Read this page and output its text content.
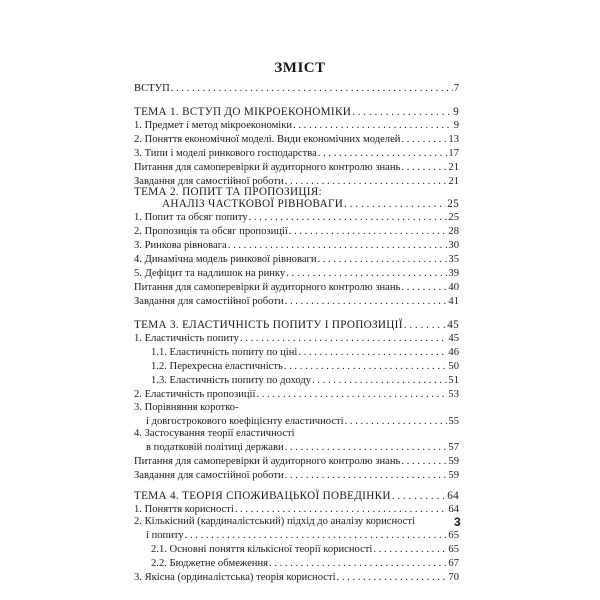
ЗМІСТ
ВСТУП . . .	7
ТЕМА 1. ВСТУП ДО МІКРОЕКОНОМІКИ . . .	9
1. Предмет і метод мікроекономіки . . .	9
2. Поняття економічної моделі. Види економічних моделей . . .	13
3. Типи і моделі ринкового господарства . . .	17
Питання для самоперевірки й аудиторного контролю знань . . .	21
Завдання для самостійної роботи . . .	21
ТЕМА 2. ПОПИТ ТА ПРОПОЗИЦІЯ:
АНАЛІЗ ЧАСТКОВОЇ РІВНОВАГИ . . .	25
1. Попит та обсяг попиту . . .	25
2. Пропозиція та обсяг пропозиції . . .	28
3. Ринкова рівновага . . .	30
4. Динамічна модель ринкової рівноваги . . .	35
5. Дефіцит та надлишок на ринку . . .	39
Питання для самоперевірки й аудиторного контролю знань . . .	40
Завдання для самостійної роботи . . .	41
ТЕМА 3. ЕЛАСТИЧНІСТЬ ПОПИТУ І ПРОПОЗИЦІЇ . . .	45
1. Еластичність попиту . . .	45
1.1. Еластичність попиту по ціні . . .	46
1.2. Перехресна еластичність . . .	50
1.3. Еластичність попиту по доходу . . .	51
2. Еластичність пропозиції . . .	53
3. Порівняння коротко-
і довгострокового коефіцієнту еластичності . . .	55
4. Застосування теорії еластичності
в податковій політиці держави . . .	57
Питання для самоперевірки й аудиторного контролю знань . . .	59
Завдання для самостійної роботи . . .	59
ТЕМА 4. ТЕОРІЯ СПОЖИВАЦЬКОЇ ПОВЕДІНКИ . . .	64
1. Поняття корисності . . .	64
2. Кількісний (кардиналістський) підхід до аналізу корисності
і попиту . . .	65
2.1. Основні поняття кількісної теорії корисності . . .	65
2.2. Бюджетне обмеження . . .	67
3. Якісна (ординалістська) теорія корисності . . .	70
3
